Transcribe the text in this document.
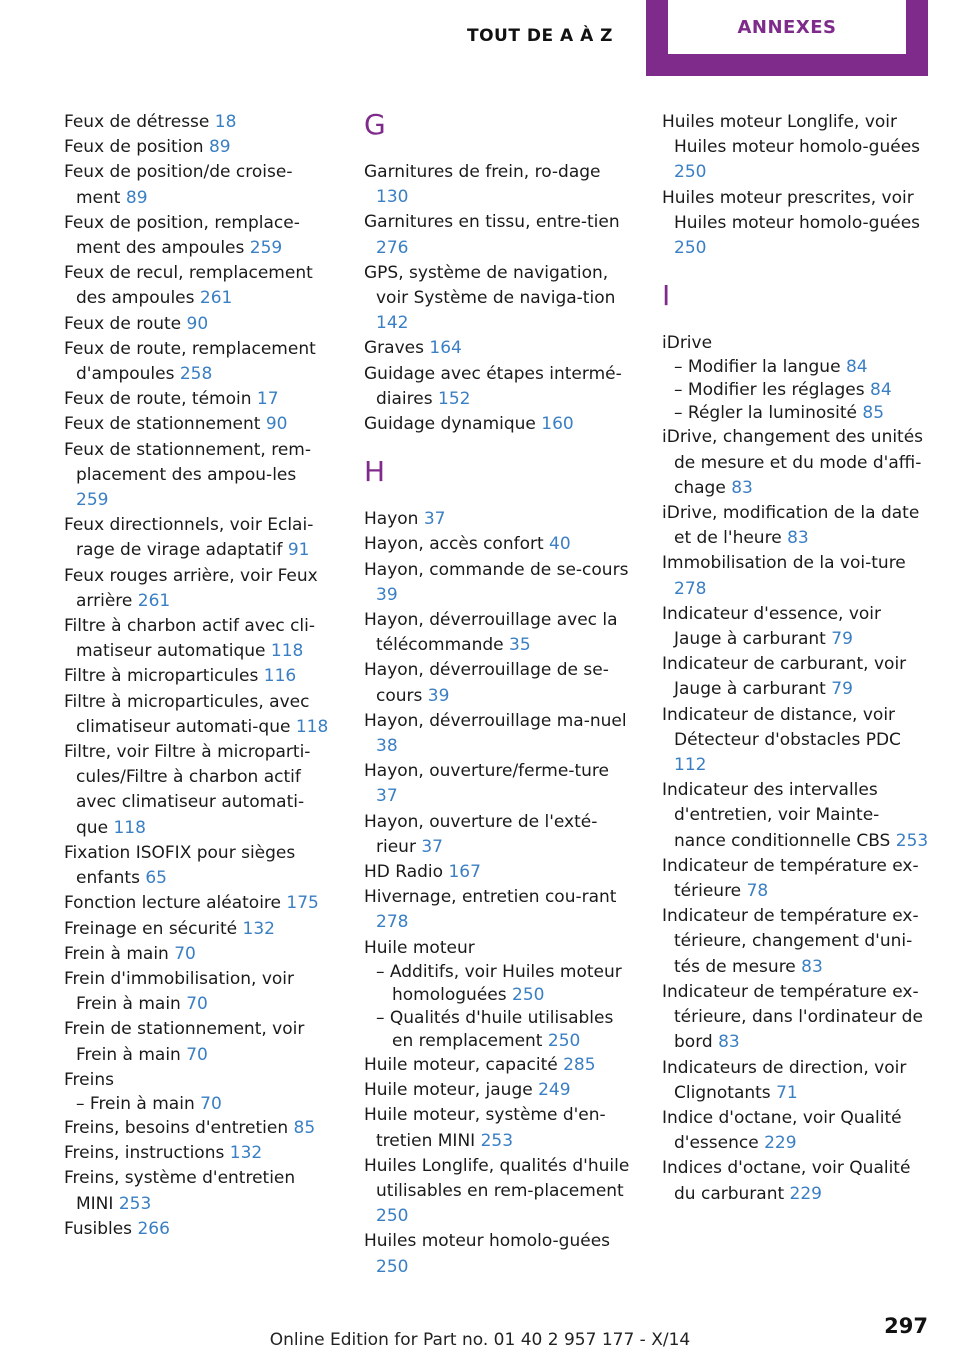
TOUT DE A À Z	ANNEXES
Feux de détresse 18
Feux de position 89
Feux de position/de croise-ment 89
Feux de position, remplace-ment des ampoules 259
Feux de recul, remplacement des ampoules 261
Feux de route 90
Feux de route, remplacement d'ampoules 258
Feux de route, témoin 17
Feux de stationnement 90
Feux de stationnement, rem-placement des ampou-les 259
Feux directionnels, voir Eclai-rage de virage adaptatif 91
Feux rouges arrière, voir Feux arrière 261
Filtre à charbon actif avec cli-matiseur automatique 118
Filtre à microparticules 116
Filtre à microparticules, avec climatiseur automati-que 118
Filtre, voir Filtre à microparti-cules/Filtre à charbon actif avec climatiseur automati-que 118
Fixation ISOFIX pour sièges enfants 65
Fonction lecture aléatoire 175
Freinage en sécurité 132
Frein à main 70
Frein d'immobilisation, voir Frein à main 70
Frein de stationnement, voir Frein à main 70
Freins
– Frein à main 70
Freins, besoins d'entretien 85
Freins, instructions 132
Freins, système d'entretien MINI 253
Fusibles 266
G
Garnitures de frein, ro-dage 130
Garnitures en tissu, entre-tien 276
GPS, système de navigation, voir Système de naviga-tion 142
Graves 164
Guidage avec étapes intermé-diaires 152
Guidage dynamique 160
H
Hayon 37
Hayon, accès confort 40
Hayon, commande de se-cours 39
Hayon, déverrouillage avec la télécommande 35
Hayon, déverrouillage de se-cours 39
Hayon, déverrouillage ma-nuel 38
Hayon, ouverture/ferme-ture 37
Hayon, ouverture de l'exté-rieur 37
HD Radio 167
Hivernage, entretien cou-rant 278
Huile moteur
– Additifs, voir Huiles moteur homologuées 250
– Qualités d'huile utilisables en remplacement 250
Huile moteur, capacité 285
Huile moteur, jauge 249
Huile moteur, système d'en-tretien MINI 253
Huiles Longlife, qualités d'huile utilisables en rem-placement 250
Huiles moteur homolo-guées 250
Huiles moteur Longlife, voir Huiles moteur homolo-guées 250
Huiles moteur prescrites, voir Huiles moteur homolo-guées 250
I
iDrive
– Modifier la langue 84
– Modifier les réglages 84
– Régler la luminosité 85
iDrive, changement des unités de mesure et du mode d'affi-chage 83
iDrive, modification de la date et de l'heure 83
Immobilisation de la voi-ture 278
Indicateur d'essence, voir Jauge à carburant 79
Indicateur de carburant, voir Jauge à carburant 79
Indicateur de distance, voir Détecteur d'obstacles PDC 112
Indicateur des intervalles d'entretien, voir Mainte-nance conditionnelle CBS 253
Indicateur de température ex-térieure 78
Indicateur de température ex-térieure, changement d'uni-tés de mesure 83
Indicateur de température ex-térieure, dans l'ordinateur de bord 83
Indicateurs de direction, voir Clignotants 71
Indice d'octane, voir Qualité d'essence 229
Indices d'octane, voir Qualité du carburant 229
297
Online Edition for Part no. 01 40 2 957 177 - X/14
